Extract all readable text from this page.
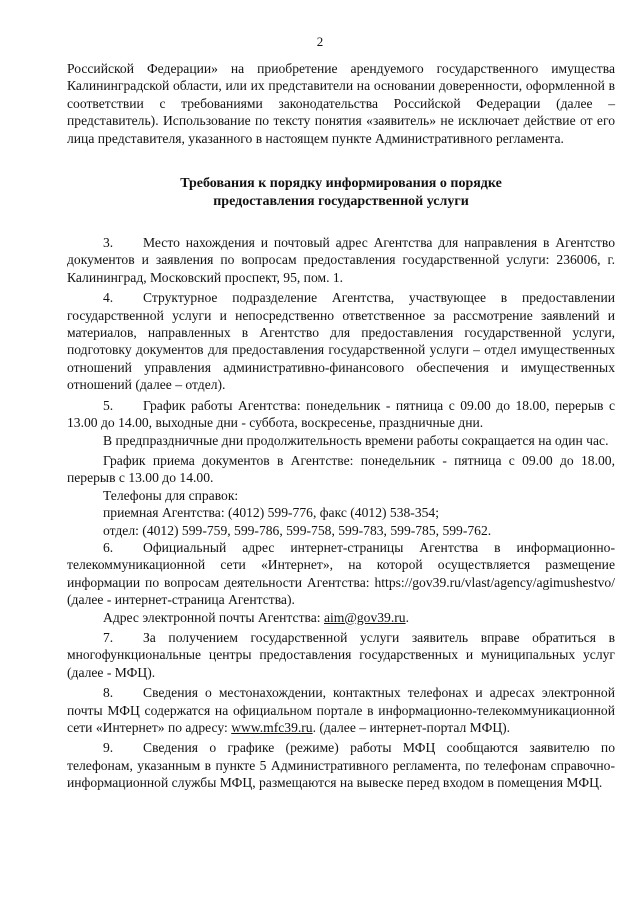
2

Российской Федерации» на приобретение арендуемого государственного имущества Калининградской области, или их представители на основании доверенности, оформленной в соответствии с требованиями законодательства Российской Федерации (далее – представитель). Использование по тексту понятия «заявитель» не исключает действие от его лица представителя, указанного в настоящем пункте Административного регламента.

Требования к порядку информирования о порядке
предоставления государственной услуги

3. Место нахождения и почтовый адрес Агентства для направления в Агентство документов и заявления по вопросам предоставления государственной услуги: 236006, г. Калининград, Московский проспект, 95, пом. 1.

4. Структурное подразделение Агентства, участвующее в предоставлении государственной услуги и непосредственно ответственное за рассмотрение заявлений и материалов, направленных в Агентство для предоставления государственной услуги, подготовку документов для предоставления государственной услуги – отдел имущественных отношений управления административно-финансового обеспечения и имущественных отношений (далее – отдел).

5. График работы Агентства: понедельник - пятница с 09.00 до 18.00, перерыв с 13.00 до 14.00, выходные дни - суббота, воскресенье, праздничные дни.

В предпраздничные дни продолжительность времени работы сокращается на один час.

График приема документов в Агентстве: понедельник - пятница с 09.00 до 18.00, перерыв с 13.00 до 14.00.

Телефоны для справок:

приемная Агентства: (4012) 599-776, факс (4012) 538-354;

отдел: (4012) 599-759, 599-786, 599-758, 599-783, 599-785, 599-762.

6. Официальный адрес интернет-страницы Агентства в информационно-телекоммуникационной сети «Интернет», на которой осуществляется размещение информации по вопросам деятельности Агентства: https://gov39.ru/vlast/agency/agimushestvo/ (далее - интернет-страница Агентства).

Адрес электронной почты Агентства: aim@gov39.ru.

7. За получением государственной услуги заявитель вправе обратиться в многофункциональные центры предоставления государственных и муниципальных услуг (далее - МФЦ).

8. Сведения о местонахождении, контактных телефонах и адресах электронной почты МФЦ содержатся на официальном портале в информационно-телекоммуникационной сети «Интернет» по адресу: www.mfc39.ru. (далее – интернет-портал МФЦ).

9. Сведения о графике (режиме) работы МФЦ сообщаются заявителю по телефонам, указанным в пункте 5 Административного регламента, по телефонам справочно-информационной службы МФЦ, размещаются на вывеске перед входом в помещения МФЦ.
